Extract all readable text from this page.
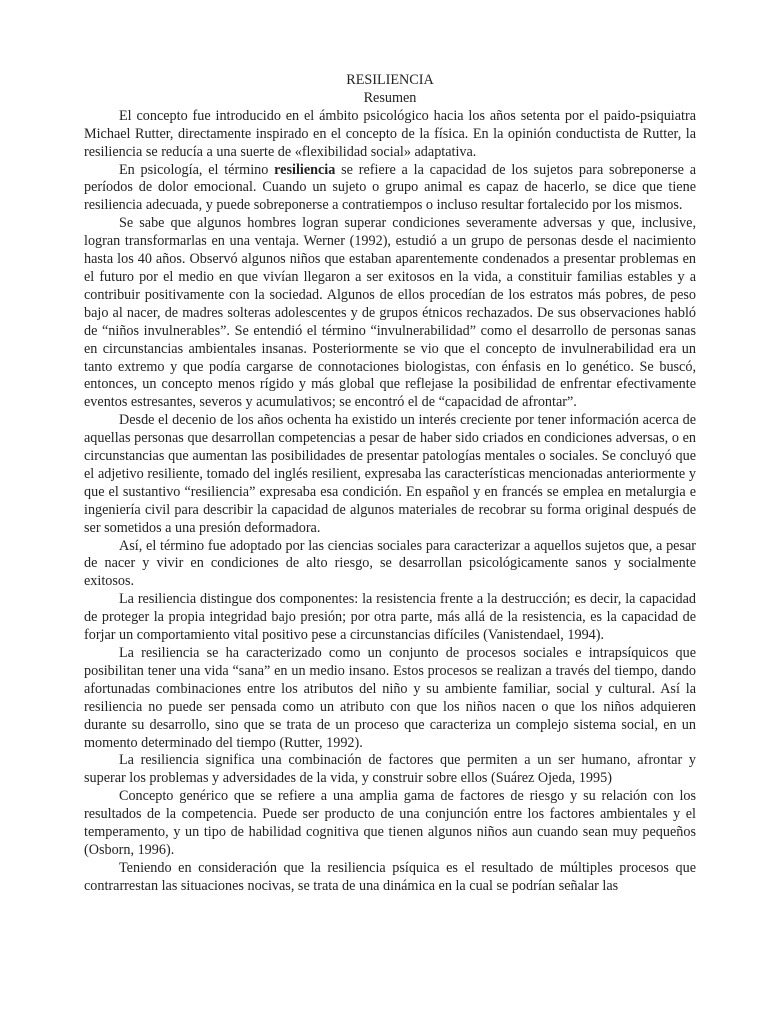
RESILIENCIA
Resumen

El concepto fue introducido en el ámbito psicológico hacia los años setenta por el paido-psiquiatra Michael Rutter, directamente inspirado en el concepto de la física. En la opinión conductista de Rutter, la resiliencia se reducía a una suerte de «flexibilidad social» adaptativa.

En psicología, el término resiliencia se refiere a la capacidad de los sujetos para sobreponerse a períodos de dolor emocional. Cuando un sujeto o grupo animal es capaz de hacerlo, se dice que tiene resiliencia adecuada, y puede sobreponerse a contratiempos o incluso resultar fortalecido por los mismos.

Se sabe que algunos hombres logran superar condiciones severamente adversas y que, inclusive, logran transformarlas en una ventaja. Werner (1992), estudió a un grupo de personas desde el nacimiento hasta los 40 años. Observó algunos niños que estaban aparentemente condenados a presentar problemas en el futuro por el medio en que vivían llegaron a ser exitosos en la vida, a constituir familias estables y a contribuir positivamente con la sociedad. Algunos de ellos procedían de los estratos más pobres, de peso bajo al nacer, de madres solteras adolescentes y de grupos étnicos rechazados. De sus observaciones habló de “niños invulnerables”. Se entendió el término “invulnerabilidad” como el desarrollo de personas sanas en circunstancias ambientales insanas. Posteriormente se vio que el concepto de invulnerabilidad era un tanto extremo y que podía cargarse de connotaciones biologistas, con énfasis en lo genético. Se buscó, entonces, un concepto menos rígido y más global que reflejase la posibilidad de enfrentar efectivamente eventos estresantes, severos y acumulativos; se encontró el de “capacidad de afrontar”.

Desde el decenio de los años ochenta ha existido un interés creciente por tener información acerca de aquellas personas que desarrollan competencias a pesar de haber sido criados en condiciones adversas, o en circunstancias que aumentan las posibilidades de presentar patologías mentales o sociales. Se concluyó que el adjetivo resiliente, tomado del inglés resilient, expresaba las características mencionadas anteriormente y que el sustantivo “resiliencia” expresaba esa condición. En español y en francés se emplea en metalurgia e ingeniería civil para describir la capacidad de algunos materiales de recobrar su forma original después de ser sometidos a una presión deformadora.

Así, el término fue adoptado por las ciencias sociales para caracterizar a aquellos sujetos que, a pesar de nacer y vivir en condiciones de alto riesgo, se desarrollan psicológicamente sanos y socialmente exitosos.

La resiliencia distingue dos componentes: la resistencia frente a la destrucción; es decir, la capacidad de proteger la propia integridad bajo presión; por otra parte, más allá de la resistencia, es la capacidad de forjar un comportamiento vital positivo pese a circunstancias difíciles (Vanistendael, 1994).

La resiliencia se ha caracterizado como un conjunto de procesos sociales e intrapsíquicos que posibilitan tener una vida “sana” en un medio insano. Estos procesos se realizan a través del tiempo, dando afortunadas combinaciones entre los atributos del niño y su ambiente familiar, social y cultural. Así la resiliencia no puede ser pensada como un atributo con que los niños nacen o que los niños adquieren durante su desarrollo, sino que se trata de un proceso que caracteriza un complejo sistema social, en un momento determinado del tiempo (Rutter, 1992).

La resiliencia significa una combinación de factores que permiten a un ser humano, afrontar y superar los problemas y adversidades de la vida, y construir sobre ellos (Suárez Ojeda, 1995)

Concepto genérico que se refiere a una amplia gama de factores de riesgo y su relación con los resultados de la competencia. Puede ser producto de una conjunción entre los factores ambientales y el temperamento, y un tipo de habilidad cognitiva que tienen algunos niños aun cuando sean muy pequeños (Osborn, 1996).

Teniendo en consideración que la resiliencia psíquica es el resultado de múltiples procesos que contrarrestan las situaciones nocivas, se trata de una dinámica en la cual se podrían señalar las
